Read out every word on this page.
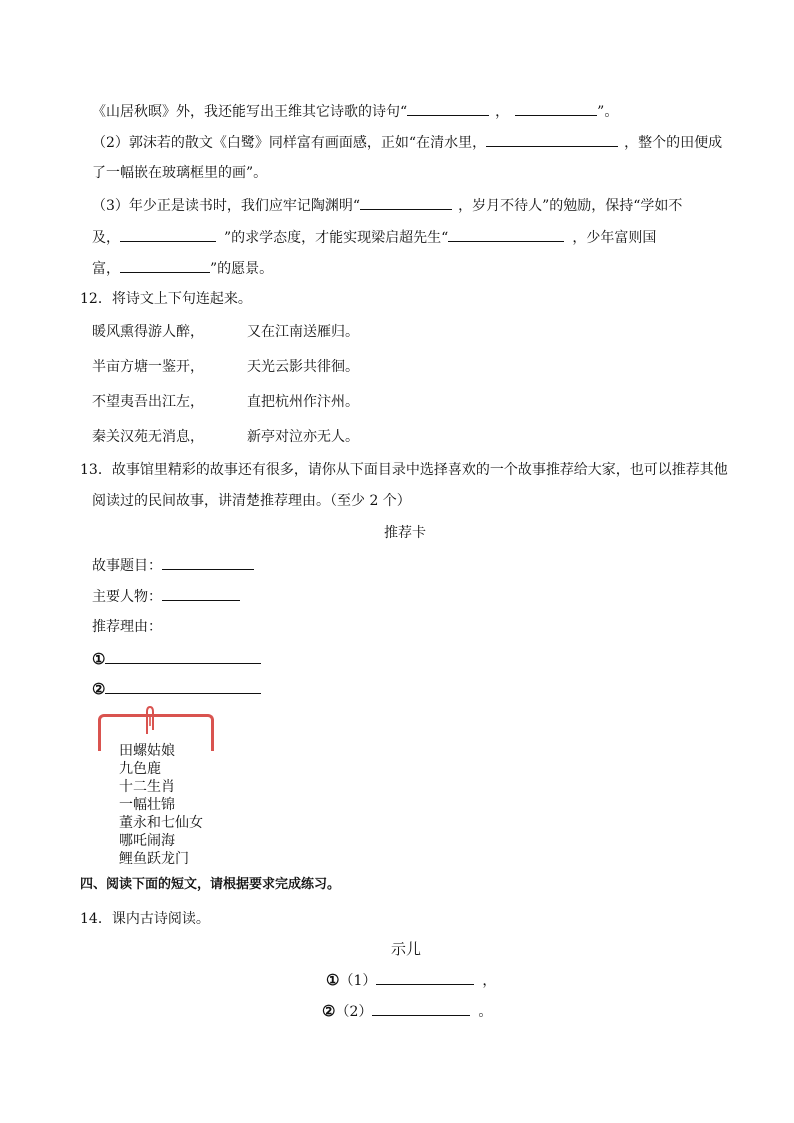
《山居秋暝》外，我还能写出王维其它诗歌的诗句“	，	”。
（2）郭沫若的散文《白鹭》同样富有画面感，正如“在清水里，	，整个的田便成
了一幅嵌在玻璃框里的画”。
（3）年少正是读书时，我们应牢记陶渊明“	，岁月不待人”的勉励，保持“学如不
及，	”的求学态度，才能实现梁启超先生“	，少年富则国
富，	”的愿景。
12．将诗文上下句连起来。
暖风熏得游人醉，	又在江南送雁归。
半亩方塘一鉴开，	天光云影共徘徊。
不望夷吾出江左，	直把杭州作汴州。
秦关汉苑无消息，	新亭对泣亦无人。
13．故事馆里精彩的故事还有很多，请你从下面目录中选择喜欢的一个故事推荐给大家，也可以推荐其他
阅读过的民间故事，讲清楚推荐理由。（至少 2 个）
推荐卡
故事题目：
主要人物：
推荐理由：
①
②
田螺姑娘
九色鹿
十二生肖
一幅壮锦
董永和七仙女
哪吒闹海
鲤鱼跃龙门
四、阅读下面的短文，请根据要求完成练习。
14．课内古诗阅读。
示儿
①（1）	，
②（2）	。
